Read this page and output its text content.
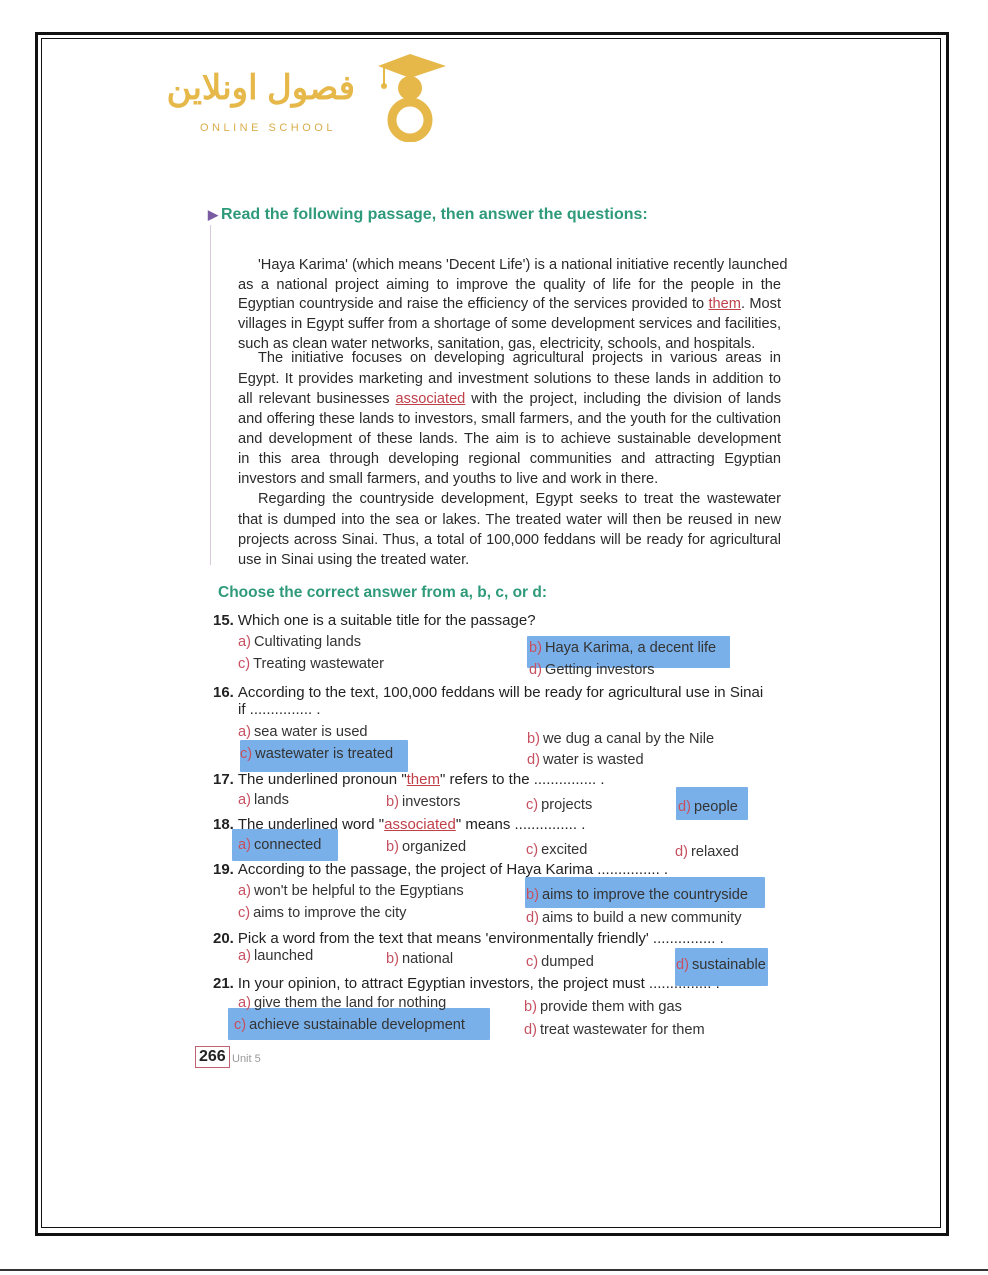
فصول اونلاين
ONLINE SCHOOL
▶ Read the following passage, then answer the questions:
'Haya Karima' (which means 'Decent Life') is a national initiative recently launched
as a national project aiming to improve the quality of life for the people in the
Egyptian countryside and raise the efficiency of the services provided to them. Most
villages in Egypt suffer from a shortage of some development services and facilities,
such as clean water networks, sanitation, gas, electricity, schools, and hospitals.
The initiative focuses on developing agricultural projects in various areas in
Egypt. It provides marketing and investment solutions to these lands in addition to
all relevant businesses associated with the project, including the division of lands
and offering these lands to investors, small farmers, and the youth for the cultivation
and development of these lands. The aim is to achieve sustainable development
in this area through developing regional communities and attracting Egyptian
investors and small farmers, and youths to live and work in there.
Regarding the countryside development, Egypt seeks to treat the wastewater
that is dumped into the sea or lakes. The treated water will then be reused in new
projects across Sinai. Thus, a total of 100,000 feddans will be ready for agricultural
use in Sinai using the treated water.
Choose the correct answer from a, b, c, or d:
15. Which one is a suitable title for the passage?
a) Cultivating lands	b) Haya Karima, a decent life
c) Treating wastewater	d) Getting investors
16. According to the text, 100,000 feddans will be ready for agricultural use in Sinai
if ............... .
a) sea water is used	b) we dug a canal by the Nile
c) wastewater is treated	d) water is wasted
17. The underlined pronoun "them" refers to the ............... .
a) lands	b) investors	c) projects	d) people
18. The underlined word "associated" means ............... .
a) connected	b) organized	c) excited	d) relaxed
19. According to the passage, the project of Haya Karima ............... .
a) won't be helpful to the Egyptians	b) aims to improve the countryside
c) aims to improve the city	d) aims to build a new community
20. Pick a word from the text that means 'environmentally friendly' ............... .
a) launched	b) national	c) dumped	d) sustainable
21. In your opinion, to attract Egyptian investors, the project must ............... .
a) give them the land for nothing	b) provide them with gas
c) achieve sustainable development	d) treat wastewater for them
266 Unit 5
